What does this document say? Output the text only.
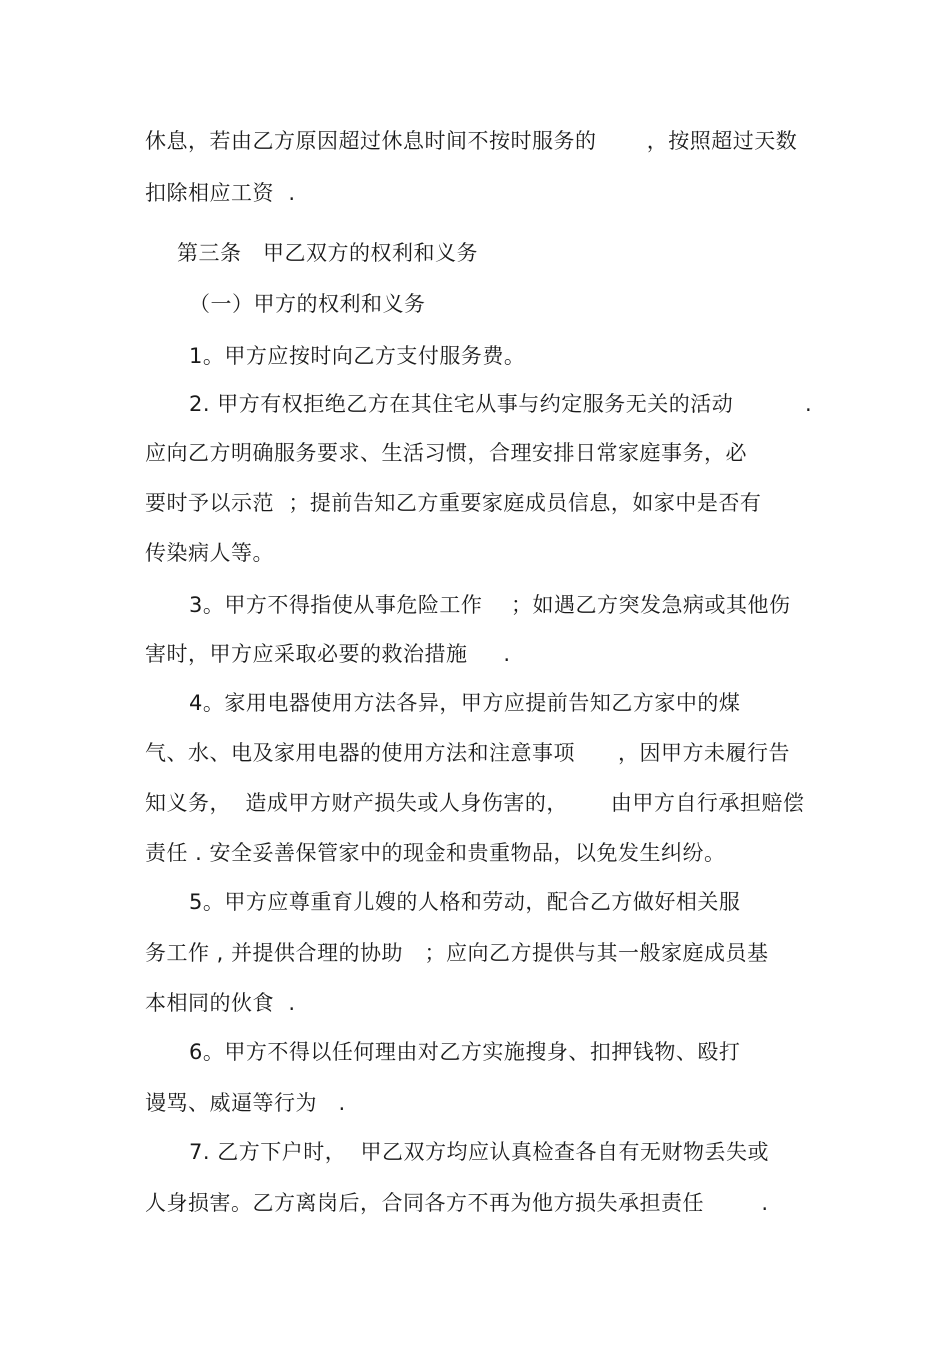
休息，若由乙方原因超过休息时间不按时服务的       ，按照超过天数
扣除相应工资  .
第三条   甲乙双方的权利和义务
（一）甲方的权利和义务
1。甲方应按时向乙方支付服务费。
2. 甲方有权拒绝乙方在其住宅从事与约定服务无关的活动          .
应向乙方明确服务要求、生活习惯，合理安排日常家庭事务，必
要时予以示范  ；提前告知乙方重要家庭成员信息，如家中是否有
传染病人等。
3。甲方不得指使从事危险工作    ；如遇乙方突发急病或其他伤
害时，甲方应采取必要的救治措施     .
4。家用电器使用方法各异，甲方应提前告知乙方家中的煤
气、水、电及家用电器的使用方法和注意事项      ，因甲方未履行告
知义务，  造成甲方财产损失或人身伤害的，      由甲方自行承担赔偿
责任 . 安全妥善保管家中的现金和贵重物品，以免发生纠纷。
5。甲方应尊重育儿嫂的人格和劳动，配合乙方做好相关服
务工作 , 并提供合理的协助   ；应向乙方提供与其一般家庭成员基
本相同的伙食  .
6。甲方不得以任何理由对乙方实施搜身、扣押钱物、殴打
谩骂、威逼等行为   .
7. 乙方下户时，  甲乙双方均应认真检查各自有无财物丢失或
人身损害。乙方离岗后，合同各方不再为他方损失承担责任        .
